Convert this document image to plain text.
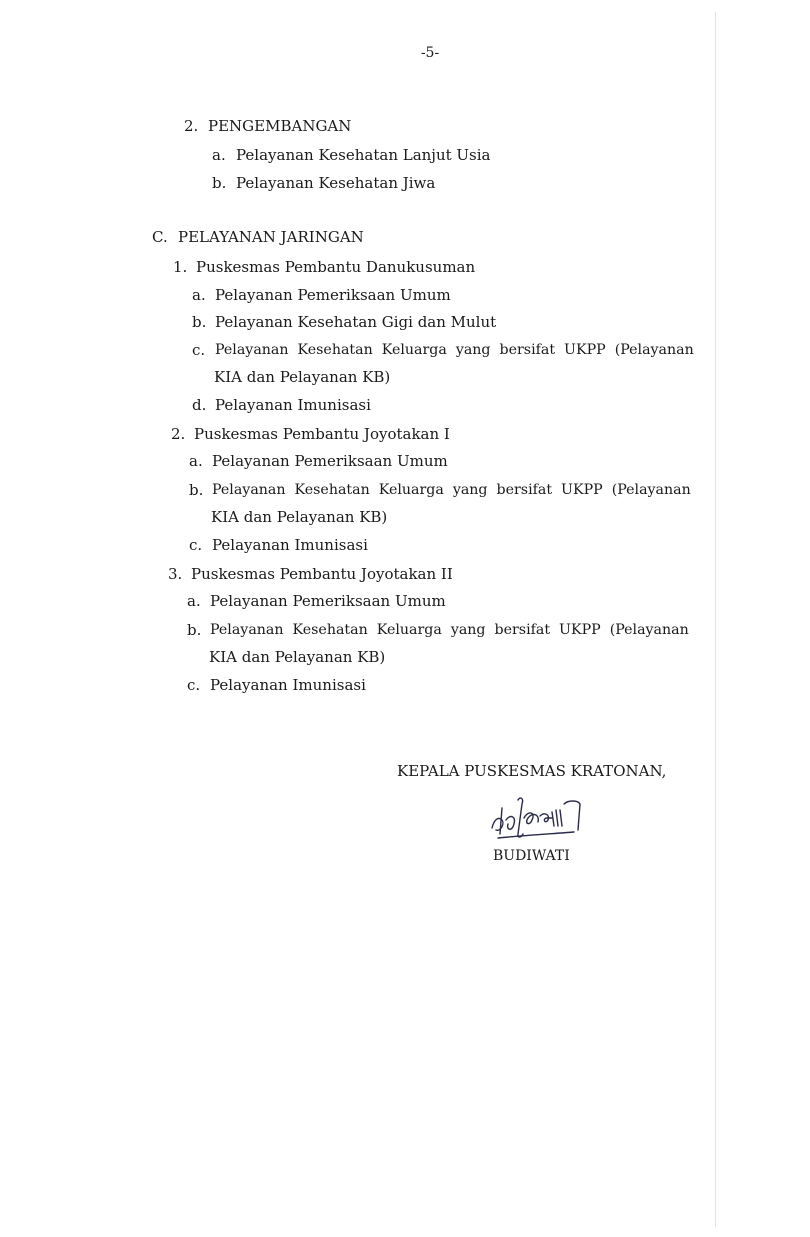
-5-
2. PENGEMBANGAN
a. Pelayanan Kesehatan Lanjut Usia
b. Pelayanan Kesehatan Jiwa
C. PELAYANAN JARINGAN
1. Puskesmas Pembantu Danukusuman
a. Pelayanan Pemeriksaan Umum
b. Pelayanan Kesehatan Gigi dan Mulut
c. Pelayanan  Kesehatan  Keluarga  yang  bersifat  UKPP  (Pelayanan
KIA dan Pelayanan KB)
d. Pelayanan Imunisasi
2. Puskesmas Pembantu Joyotakan I
a. Pelayanan Pemeriksaan Umum
b. Pelayanan  Kesehatan  Keluarga  yang  bersifat  UKPP  (Pelayanan
KIA dan Pelayanan KB)
c. Pelayanan Imunisasi
3. Puskesmas Pembantu Joyotakan II
a. Pelayanan Pemeriksaan Umum
b. Pelayanan  Kesehatan  Keluarga  yang  bersifat  UKPP  (Pelayanan
KIA dan Pelayanan KB)
c. Pelayanan Imunisasi
KEPALA PUSKESMAS KRATONAN,
BUDIWATI
